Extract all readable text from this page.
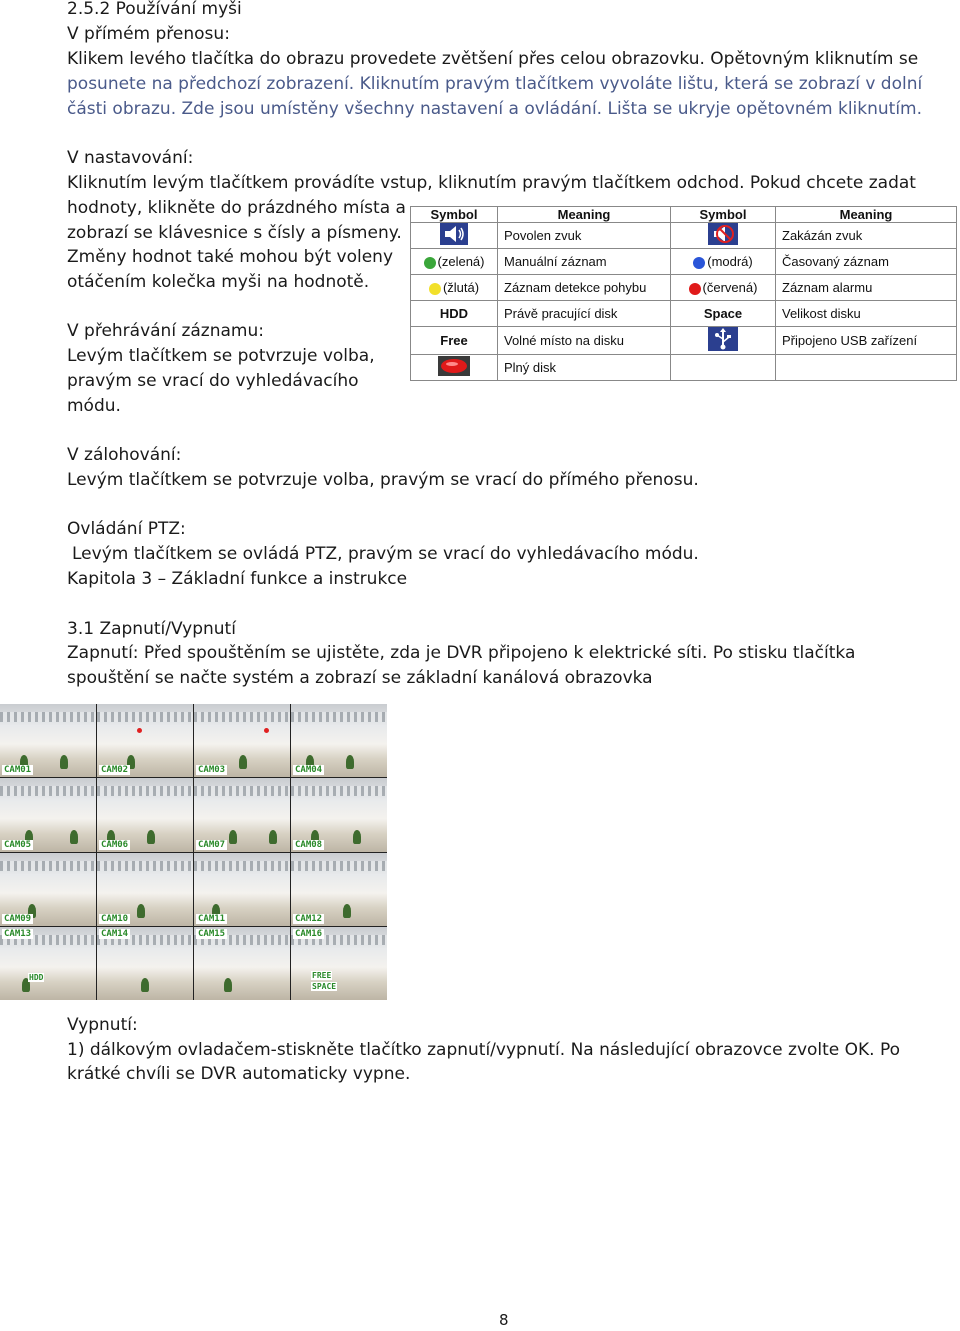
2.5.2 Používání myši
V přímém přenosu:
Klikem levého tlačítka do obrazu provedete zvětšení přes celou obrazovku. Opětovným kliknutím se
posunete na předchozí zobrazení. Kliknutím pravým tlačítkem vyvoláte lištu, která se zobrazí v dolní
části obrazu. Zde jsou umístěny všechny nastavení a ovládání. Lišta se ukryje opětovném kliknutím.
V nastavování:
Kliknutím levým tlačítkem provádíte vstup, kliknutím pravým tlačítkem odchod. Pokud chcete zadat
hodnoty, klikněte do prázdného místa a
zobrazí se klávesnice s čísly a písmeny.
Změny hodnot také mohou být voleny
otáčením kolečka myši na hodnotě.
V přehrávání záznamu:
Levým tlačítkem se potvrzuje volba,
pravým se vrací do vyhledávacího
módu.
Symbol	Meaning	Symbol	Meaning
	Povolen zvuk		Zakázán zvuk
(zelená)	Manuální záznam	(modrá)	Časovaný záznam
(žlutá)	Záznam detekce pohybu	(červená)	Záznam alarmu
HDD	Právě pracující disk	Space	Velikost disku
Free	Volné místo na disku		Připojeno USB zařízení
	Plný disk		
V zálohování:
Levým tlačítkem se potvrzuje volba, pravým se vrací do přímého přenosu.
Ovládání PTZ:
Levým tlačítkem se ovládá PTZ, pravým se vrací do vyhledávacího módu.
Kapitola 3 – Základní funkce a instrukce
3.1 Zapnutí/Vypnutí
Zapnutí: Před spouštěním se ujistěte, zda je DVR připojeno k elektrické síti. Po stisku tlačítka
spouštění se načte systém a zobrazí se základní kanálová obrazovka
CAM01	CAM02	CAM03	CAM04
CAM05	CAM06	CAM07	CAM08
CAM09	CAM10	CAM11	CAM12
HDD
CAM13	CAM14	CAM15
FREE
SPACE
CAM16
Vypnutí:
1) dálkovým ovladačem-stiskněte tlačítko zapnutí/vypnutí. Na následující obrazovce zvolte OK. Po
krátké chvíli se DVR automaticky vypne.
8
